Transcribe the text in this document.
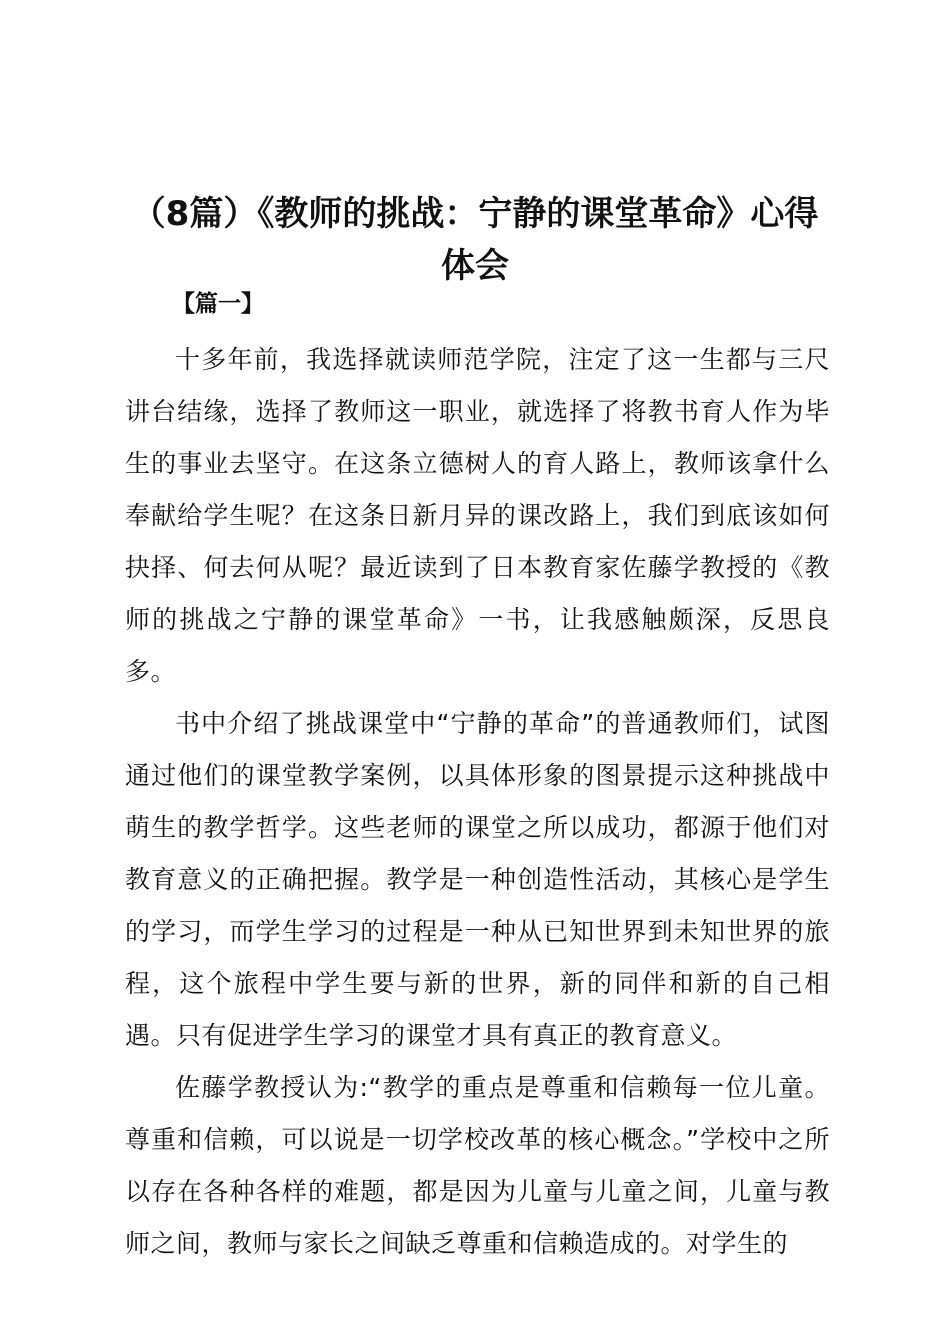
（8篇）《教师的挑战：宁静的课堂革命》心得体会
【篇一】

十多年前，我选择就读师范学院，注定了这一生都与三尺讲台结缘，选择了教师这一职业，就选择了将教书育人作为毕生的事业去坚守。在这条立德树人的育人路上，教师该拿什么奉献给学生呢？在这条日新月异的课改路上，我们到底该如何抉择、何去何从呢？最近读到了日本教育家佐藤学教授的《教师的挑战之宁静的课堂革命》一书，让我感触颇深，反思良多。

书中介绍了挑战课堂中“宁静的革命”的普通教师们，试图通过他们的课堂教学案例，以具体形象的图景提示这种挑战中萌生的教学哲学。这些老师的课堂之所以成功，都源于他们对教育意义的正确把握。教学是一种创造性活动，其核心是学生的学习，而学生学习的过程是一种从已知世界到未知世界的旅程，这个旅程中学生要与新的世界，新的同伴和新的自己相遇。只有促进学生学习的课堂才具有真正的教育意义。

佐藤学教授认为:“教学的重点是尊重和信赖每一位儿童。尊重和信赖，可以说是一切学校改革的核心概念。”学校中之所以存在各种各样的难题，都是因为儿童与儿童之间，儿童与教师之间，教师与家长之间缺乏尊重和信赖造成的。对学生的
